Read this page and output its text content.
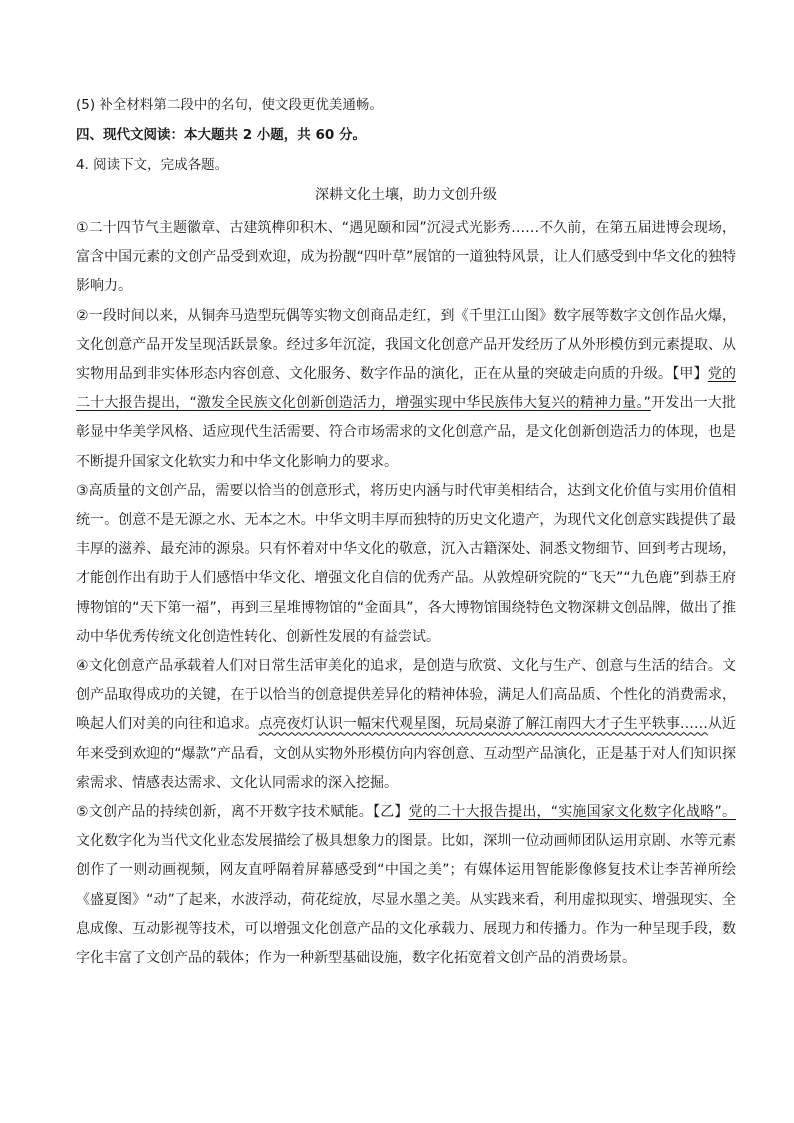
(5) 补全材料第二段中的名句，使文段更优美通畅。
四、现代文阅读：本大题共 2 小题，共 60 分。
4. 阅读下文，完成各题。
深耕文化土壤，助力文创升级

①二十四节气主题徽章、古建筑榫卯积木、“遇见颐和园”沉浸式光影秀……不久前，在第五届进博会现场，富含中国元素的文创产品受到欢迎，成为扮靓“四叶草”展馆的一道独特风景，让人们感受到中华文化的独特影响力。

②一段时间以来，从铜奔马造型玩偶等实物文创商品走红，到《千里江山图》数字展等数字文创作品火爆，文化创意产品开发呈现活跃景象。经过多年沉淀，我国文化创意产品开发经历了从外形模仿到元素提取、从实物用品到非实体形态内容创意、文化服务、数字作品的演化，正在从量的突破走向质的升级。【甲】党的二十大报告提出，“激发全民族文化创新创造活力，增强实现中华民族伟大复兴的精神力量。”开发出一大批彰显中华美学风格、适应现代生活需要、符合市场需求的文化创意产品，是文化创新创造活力的体现，也是不断提升国家文化软实力和中华文化影响力的要求。

③高质量的文创产品，需要以恰当的创意形式，将历史内涵与时代审美相结合，达到文化价值与实用价值相统一。创意不是无源之水、无本之木。中华文明丰厚而独特的历史文化遗产，为现代文化创意实践提供了最丰厚的滋养、最充沛的源泉。只有怀着对中华文化的敬意，沉入古籍深处、洞悉文物细节、回到考古现场，才能创作出有助于人们感悟中华文化、增强文化自信的优秀产品。从敦煌研究院的“飞天”“九色鹿”到恭王府博物馆的“天下第一福”，再到三星堆博物馆的“金面具”，各大博物馆围绕特色文物深耕文创品牌，做出了推动中华优秀传统文化创造性转化、创新性发展的有益尝试。

④文化创意产品承载着人们对日常生活审美化的追求，是创造与欣赏、文化与生产、创意与生活的结合。文创产品取得成功的关键，在于以恰当的创意提供差异化的精神体验，满足人们高品质、个性化的消费需求，唤起人们对美的向往和追求。点亮夜灯认识一幅宋代观星图，玩局桌游了解江南四大才子生平轶事……从近年来受到欢迎的“爆款”产品看，文创从实物外形模仿向内容创意、互动型产品演化，正是基于对人们知识探索需求、情感表达需求、文化认同需求的深入挖掘。

⑤文创产品的持续创新，离不开数字技术赋能。【乙】党的二十大报告提出，“实施国家文化数字化战略”。文化数字化为当代文化业态发展描绘了极具想象力的图景。比如，深圳一位动画师团队运用京剧、水等元素创作了一则动画视频，网友直呼隔着屏幕感受到“中国之美”；有媒体运用智能影像修复技术让李苦禅所绘《盛夏图》“动”了起来，水波浮动，荷花绽放，尽显水墨之美。从实践来看，利用虚拟现实、增强现实、全息成像、互动影视等技术，可以增强文化创意产品的文化承载力、展现力和传播力。作为一种呈现手段，数字化丰富了文创产品的载体；作为一种新型基础设施，数字化拓宽着文创产品的消费场景。
